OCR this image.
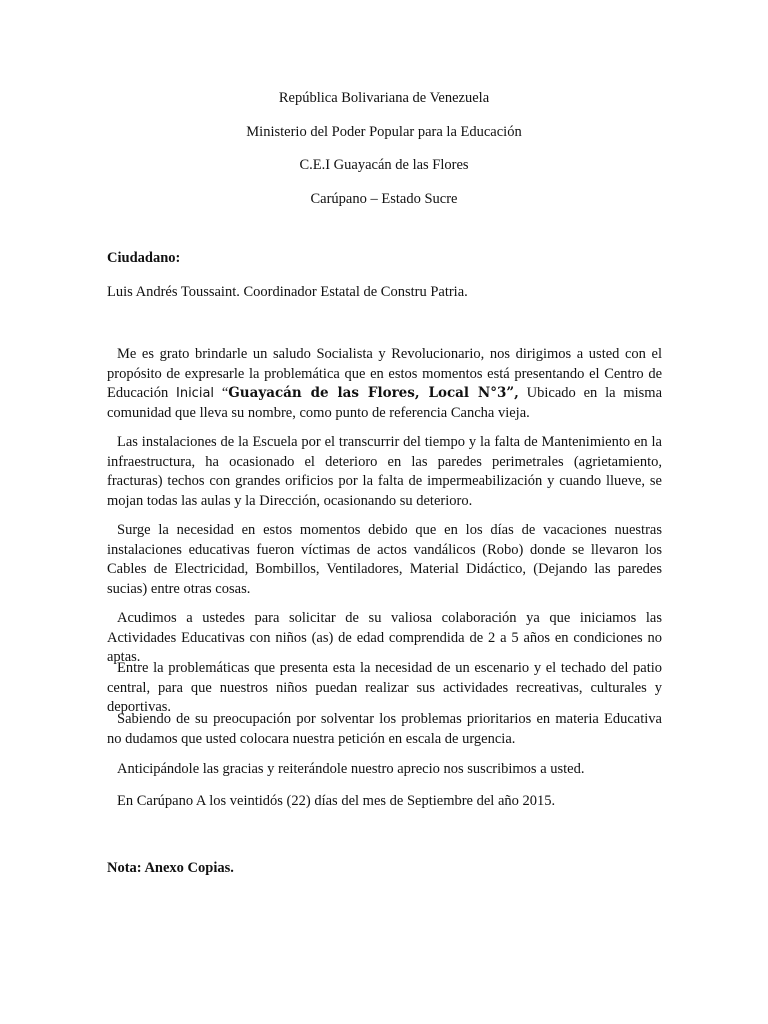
República Bolivariana de Venezuela
Ministerio del Poder Popular para la Educación
C.E.I Guayacán de las Flores
Carúpano – Estado Sucre
Ciudadano:
Luis Andrés Toussaint. Coordinador Estatal de Constru Patria.

Me es grato brindarle un saludo Socialista y Revolucionario, nos dirigimos a usted con el propósito de expresarle la problemática que en estos momentos está presentando el Centro de Educación Inicial “Guayacán de las Flores, Local N°3”, Ubicado en la misma comunidad que lleva su nombre, como punto de referencia Cancha vieja.

Las instalaciones de la Escuela por el transcurrir del tiempo y la falta de Mantenimiento en la infraestructura, ha ocasionado el deterioro en las paredes perimetrales (agrietamiento, fracturas) techos con grandes orificios por la falta de impermeabilización y cuando llueve, se mojan todas las aulas y la Dirección, ocasionando su deterioro.

Surge la necesidad en estos momentos debido que en los días de vacaciones nuestras instalaciones educativas fueron víctimas de actos vandálicos (Robo) donde se llevaron los Cables de Electricidad, Bombillos, Ventiladores, Material Didáctico, (Dejando las paredes sucias) entre otras cosas.

Acudimos a ustedes para solicitar de su valiosa colaboración ya que iniciamos las Actividades Educativas con niños (as) de edad comprendida de 2 a 5 años en condiciones no aptas.

Entre la problemáticas que presenta esta la necesidad de un escenario y el techado del patio central, para que nuestros niños puedan realizar sus actividades recreativas, culturales y deportivas.

Sabiendo de su preocupación por solventar los problemas prioritarios en materia Educativa no dudamos que usted colocara nuestra petición en escala de urgencia.

Anticipándole las gracias y reiterándole nuestro aprecio nos suscribimos a usted.

En Carúpano A los veintidós (22) días del mes de Septiembre del año 2015.

Nota: Anexo Copias.
